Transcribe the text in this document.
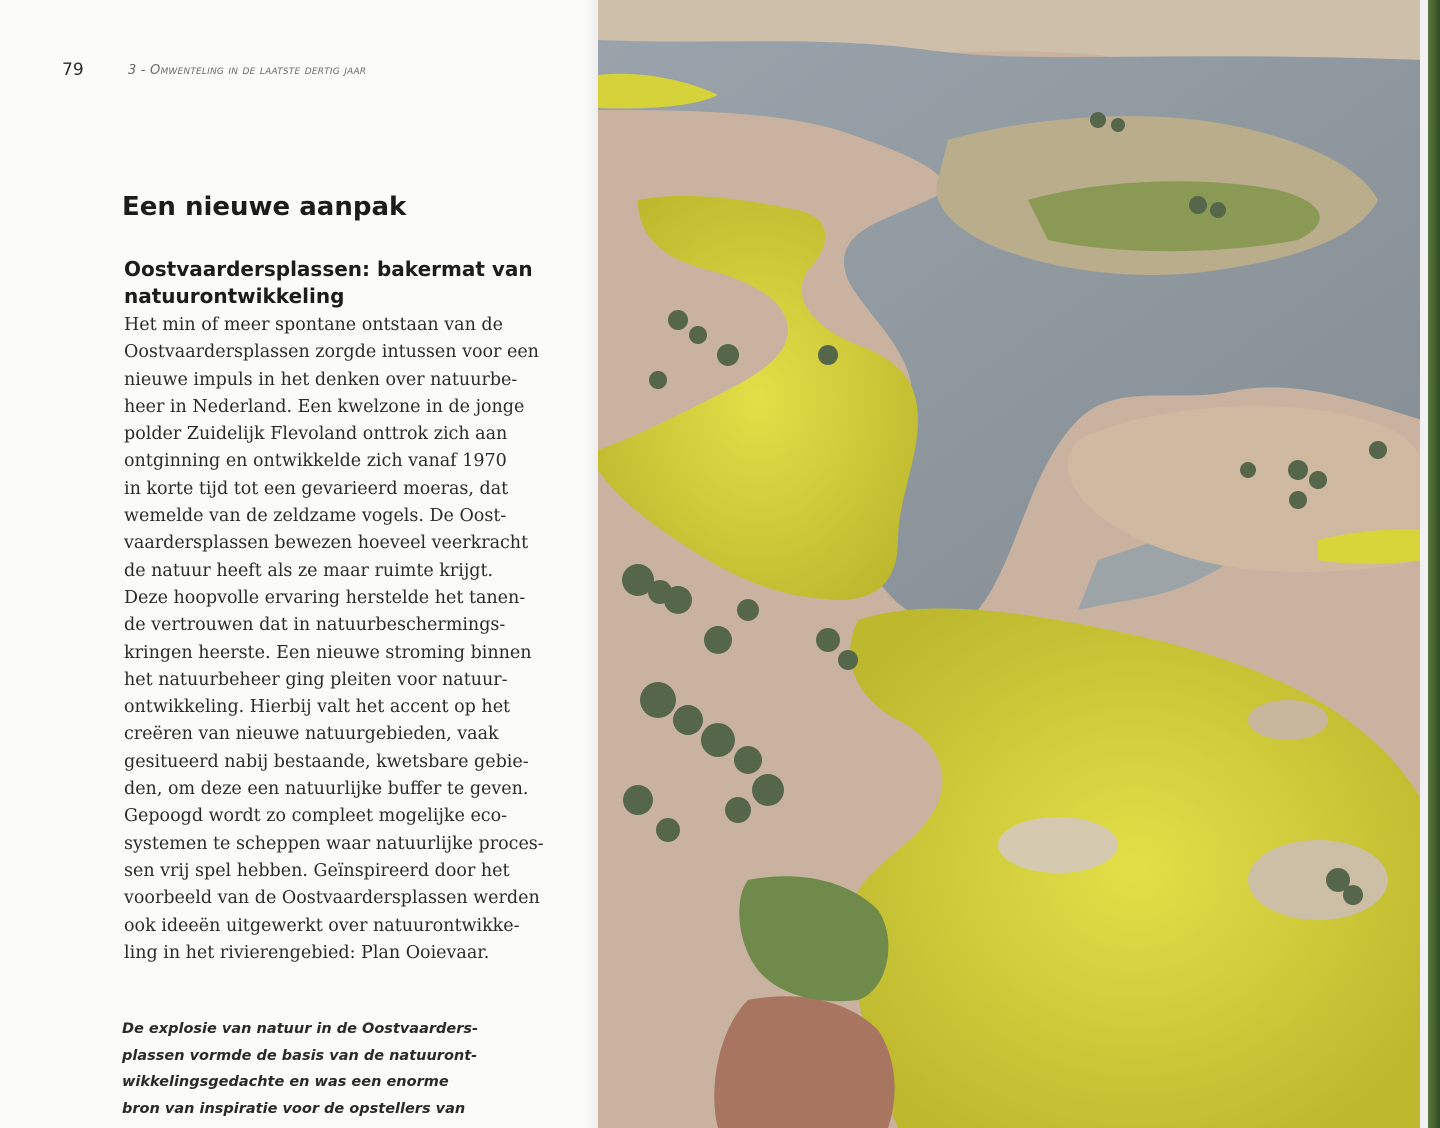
79	3 - Omwenteling in de laatste dertig jaar
Een nieuwe aanpak
Oostvaardersplassen: bakermat van natuurontwikkeling
Het min of meer spontane ontstaan van de
Oostvaardersplassen zorgde intussen voor een
nieuwe impuls in het denken over natuurbe-
heer in Nederland. Een kwelzone in de jonge
polder Zuidelijk Flevoland onttrok zich aan
ontginning en ontwikkelde zich vanaf 1970
in korte tijd tot een gevarieerd moeras, dat
wemelde van de zeldzame vogels. De Oost-
vaardersplassen bewezen hoeveel veerkracht
de natuur heeft als ze maar ruimte krijgt.
Deze hoopvolle ervaring herstelde het tanen-
de vertrouwen dat in natuurbeschermings-
kringen heerste. Een nieuwe stroming binnen
het natuurbeheer ging pleiten voor natuur-
ontwikkeling. Hierbij valt het accent op het
creëren van nieuwe natuurgebieden, vaak
gesitueerd nabij bestaande, kwetsbare gebie-
den, om deze een natuurlijke buffer te geven.
Gepoogd wordt zo compleet mogelijke eco-
systemen te scheppen waar natuurlijke proces-
sen vrij spel hebben. Geïnspireerd door het
voorbeeld van de Oostvaardersplassen werden
ook ideeën uitgewerkt over natuurontwikke-
ling in het rivierengebied: Plan Ooievaar.
De explosie van natuur in de Oostvaarders-
plassen vormde de basis van de natuuront-
wikkelingsgedachte en was een enorme
bron van inspiratie voor de opstellers van
